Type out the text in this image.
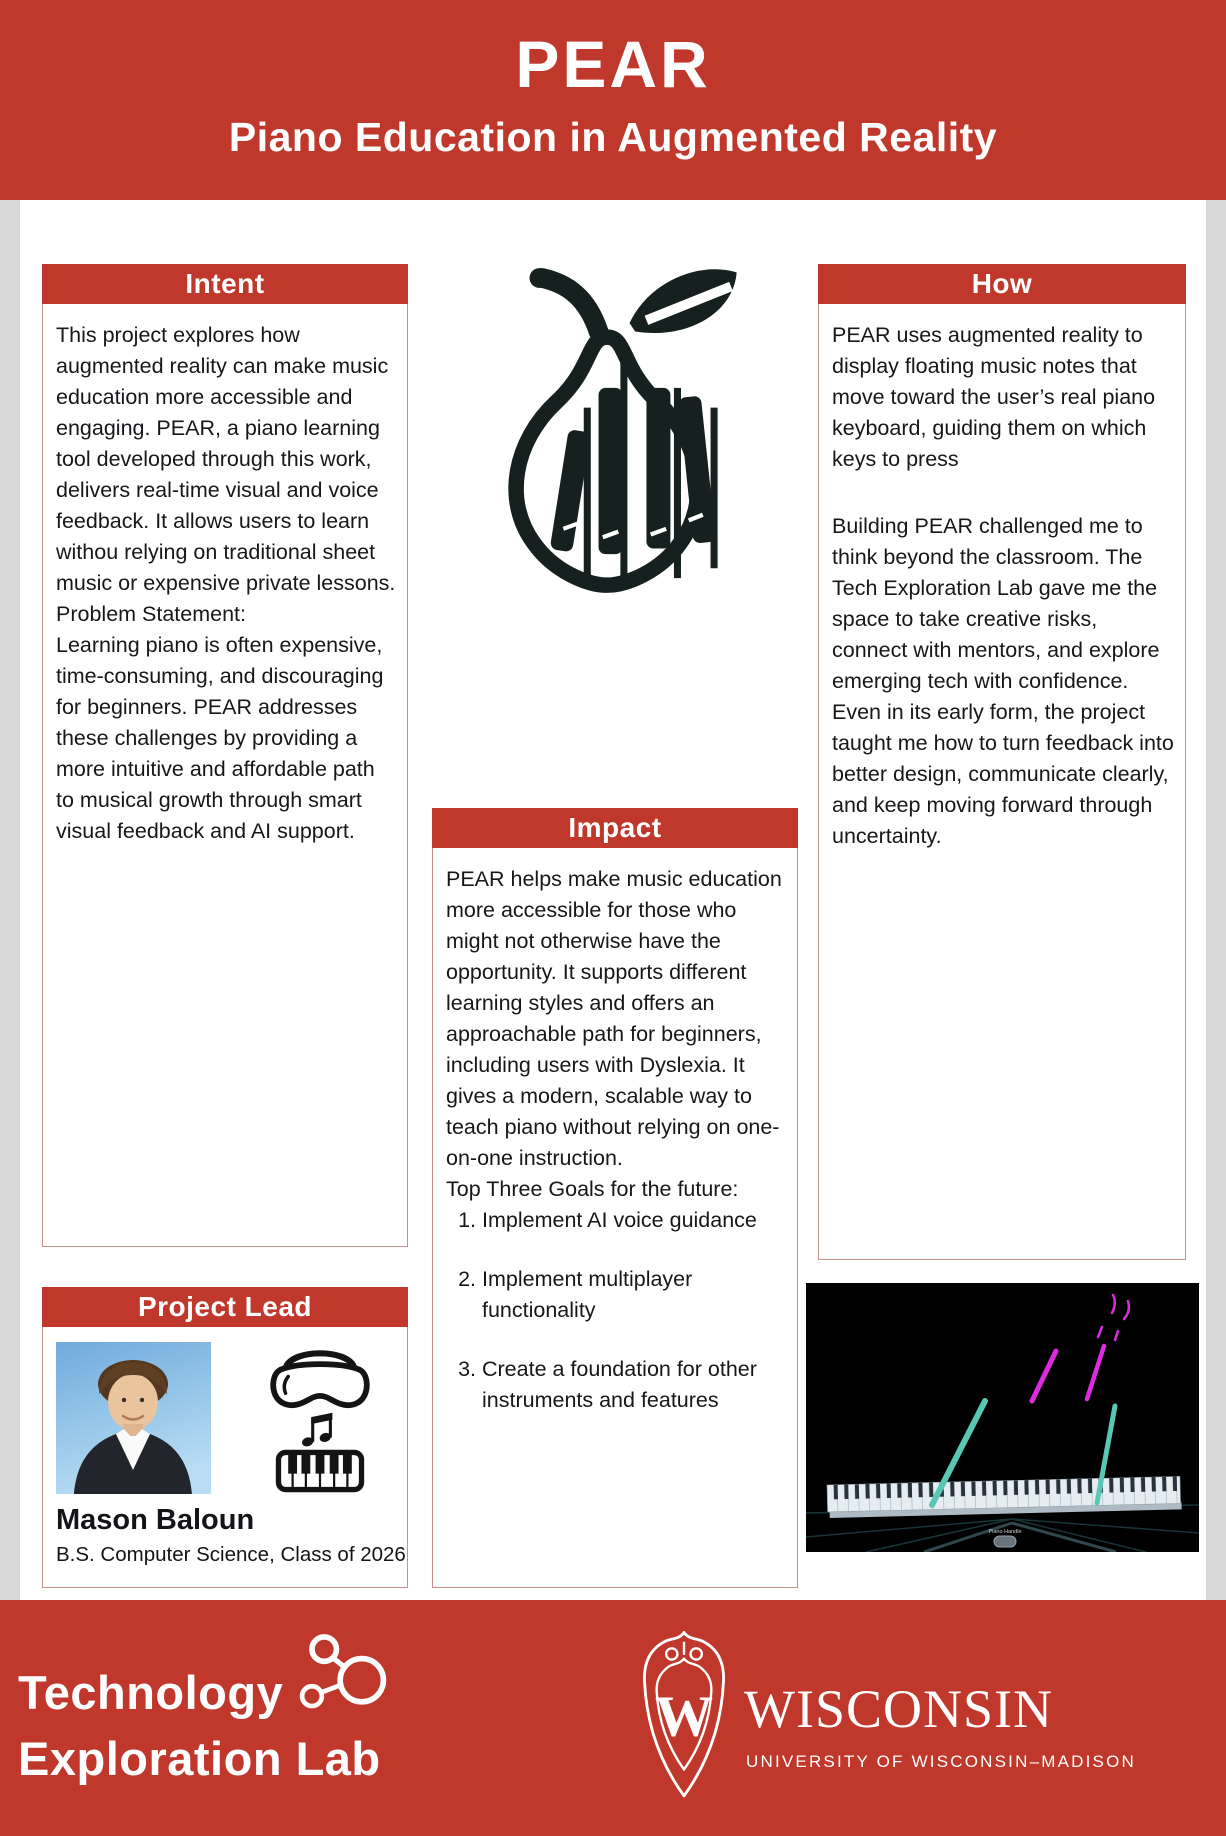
PEAR
Piano Education in Augmented Reality
Intent

This project explores how augmented reality can make music education more accessible and engaging. PEAR, a piano learning tool developed through this work, delivers real-time visual and voice feedback. It allows users to learn withou relying on traditional sheet music or expensive private lessons.

Problem Statement:

Learning piano is often expensive, time-consuming, and discouraging for beginners. PEAR addresses these challenges by providing a more intuitive and affordable path to musical growth through smart visual feedback and AI support.

How

PEAR uses augmented reality to display floating music notes that move toward the user’s real piano keyboard, guiding them on which keys to press

Building PEAR challenged me to think beyond the classroom. The Tech Exploration Lab gave me the space to take creative risks, connect with mentors, and explore emerging tech with confidence. Even in its early form, the project taught me how to turn feedback into better design, communicate clearly, and keep moving forward through uncertainty.

Impact

PEAR helps make music education more accessible for those who might not otherwise have the opportunity. It supports different learning styles and offers an approachable path for beginners, including users with Dyslexia. It gives a modern, scalable way to teach piano without relying on one-on-one instruction.

Top Three Goals for the future:

1. Implement AI voice guidance
2. Implement multiplayer functionality
3. Create a foundation for other instruments and features
Project Lead
Mason Baloun
B.S. Computer Science, Class of 2026
Piano Handle
Technology
Exploration Lab
W WISCONSIN
UNIVERSITY OF WISCONSIN–MADISON
